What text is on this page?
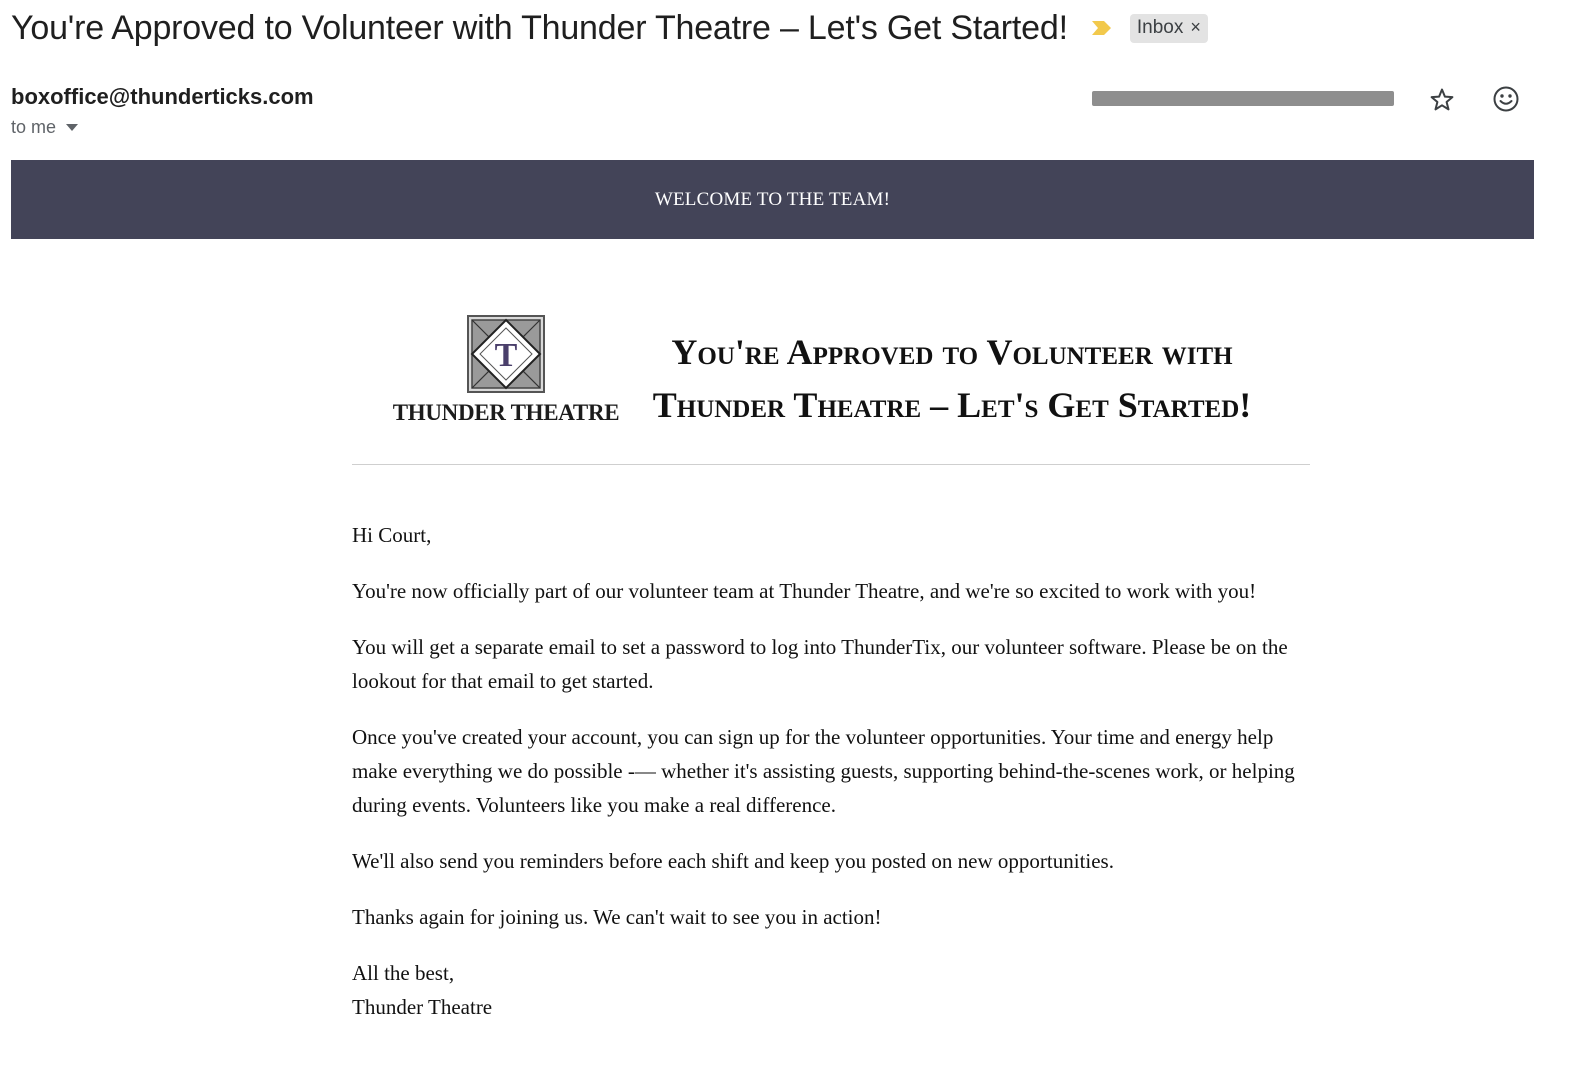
You're Approved to Volunteer with Thunder Theatre – Let's Get Started!	Inbox ×
boxoffice@thunderticks.com
to me
WELCOME TO THE TEAM!
T
THUNDER THEATRE
You're Approved to Volunteer with
Thunder Theatre – Let's Get Started!

Hi Court,

You're now officially part of our volunteer team at Thunder Theatre, and we're so excited to work with you!

You will get a separate email to set a password to log into ThunderTix, our volunteer software. Please be on the lookout for that email to get started.

Once you've created your account, you can sign up for the volunteer opportunities. Your time and energy help make everything we do possible -— whether it's assisting guests, supporting behind-the-scenes work, or helping during events. Volunteers like you make a real difference.

We'll also send you reminders before each shift and keep you posted on new opportunities.

Thanks again for joining us. We can't wait to see you in action!

All the best,
Thunder Theatre
